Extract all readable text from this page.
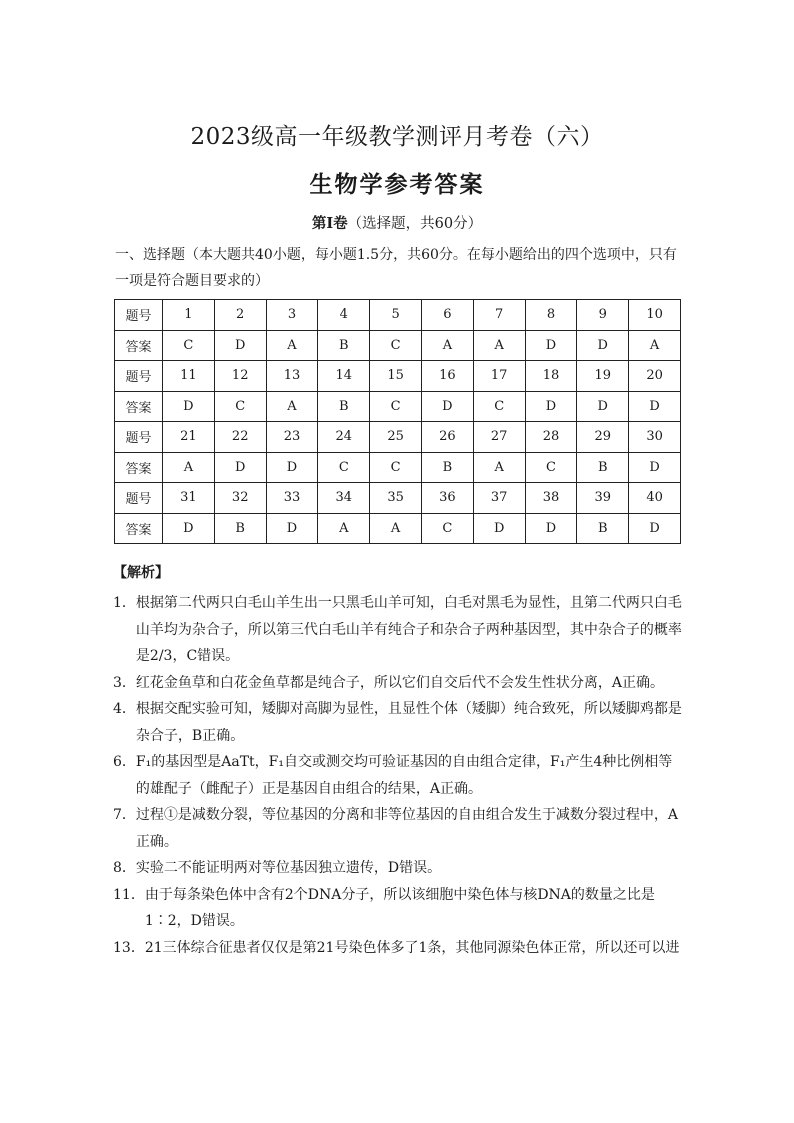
2023级高一年级教学测评月考卷（六）
生物学参考答案
第Ⅰ卷（选择题，共60分）
一、选择题（本大题共40小题，每小题1.5分，共60分。在每小题给出的四个选项中，只有一项是符合题目要求的）
题号	1	2	3	4	5	6	7	8	9	10
答案	C	D	A	B	C	A	A	D	D	A
题号	11	12	13	14	15	16	17	18	19	20
答案	D	C	A	B	C	D	C	D	D	D
题号	21	22	23	24	25	26	27	28	29	30
答案	A	D	D	C	C	B	A	C	B	D
题号	31	32	33	34	35	36	37	38	39	40
答案	D	B	D	A	A	C	D	D	B	D
【解析】
1． 根据第二代两只白毛山羊生出一只黑毛山羊可知，白毛对黑毛为显性，且第二代两只白毛山羊均为杂合子，所以第三代白毛山羊有纯合子和杂合子两种基因型，其中杂合子的概率是2/3，C错误。
3． 红花金鱼草和白花金鱼草都是纯合子，所以它们自交后代不会发生性状分离，A正确。
4． 根据交配实验可知，矮脚对高脚为显性，且显性个体（矮脚）纯合致死，所以矮脚鸡都是杂合子，B正确。
6． F₁的基因型是AaTt，F₁自交或测交均可验证基因的自由组合定律，F₁产生4种比例相等的雄配子（雌配子）正是基因自由组合的结果，A正确。
7． 过程①是减数分裂，等位基因的分离和非等位基因的自由组合发生于减数分裂过程中，A正确。
8． 实验二不能证明两对等位基因独立遗传，D错误。
11． 由于每条染色体中含有2个DNA分子，所以该细胞中染色体与核DNA的数量之比是1∶2，D错误。
13． 21三体综合征患者仅仅是第21号染色体多了1条，其他同源染色体正常，所以还可以进
